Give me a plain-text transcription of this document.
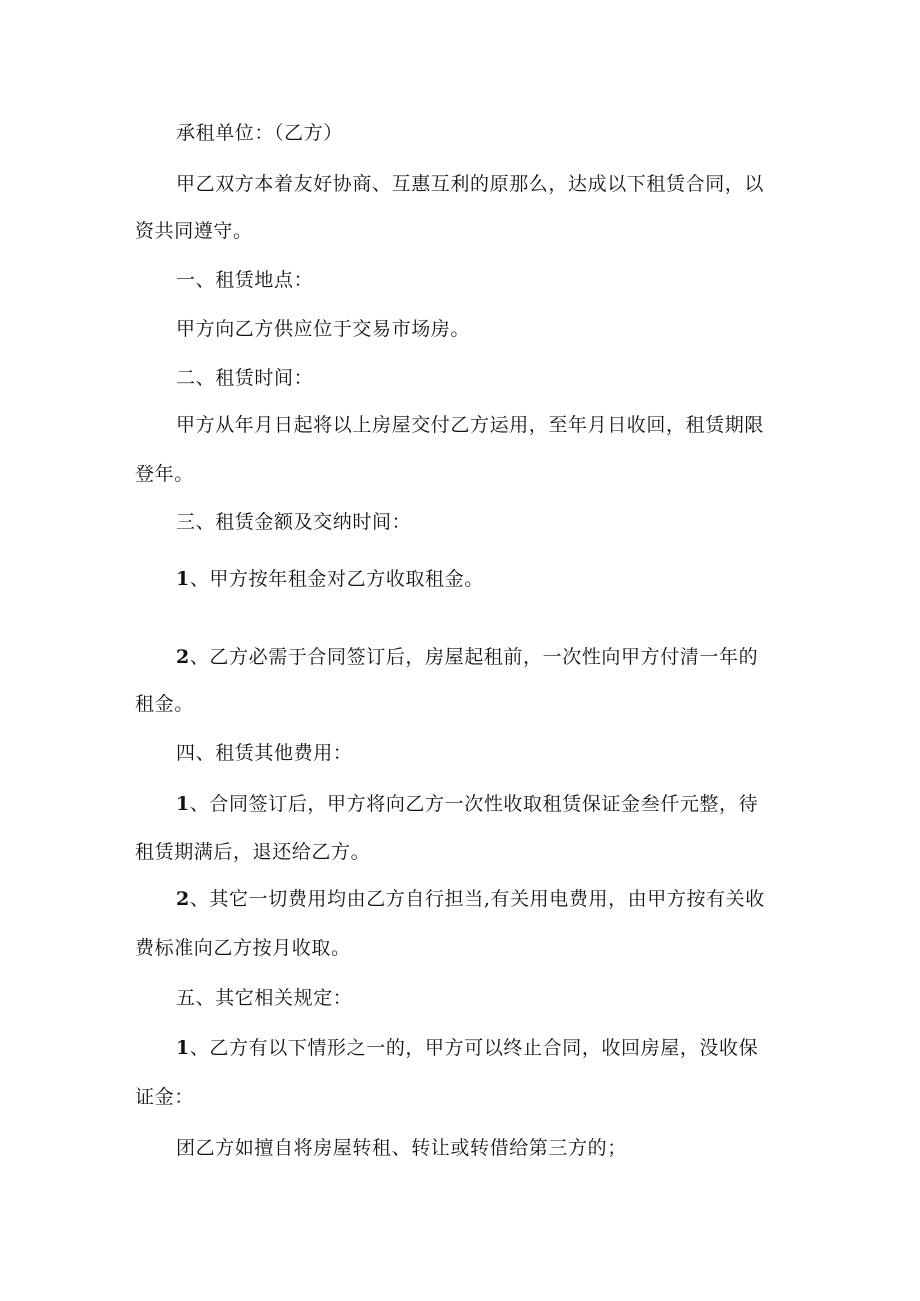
承租单位：（乙方）
甲乙双方本着友好协商、互惠互利的原那么，达成以下租赁合同，以
资共同遵守。
一、租赁地点：
甲方向乙方供应位于交易市场房。
二、租赁时间：
甲方从年月日起将以上房屋交付乙方运用，至年月日收回，租赁期限
登年。
三、租赁金额及交纳时间：
1、甲方按年租金对乙方收取租金。
2、乙方必需于合同签订后，房屋起租前，一次性向甲方付清一年的
租金。
四、租赁其他费用：
1、合同签订后，甲方将向乙方一次性收取租赁保证金叁仟元整，待
租赁期满后，退还给乙方。
2、其它一切费用均由乙方自行担当,有关用电费用，由甲方按有关收
费标准向乙方按月收取。
五、其它相关规定：
1、乙方有以下情形之一的，甲方可以终止合同，收回房屋，没收保
证金：
团乙方如擅自将房屋转租、转让或转借给第三方的；
